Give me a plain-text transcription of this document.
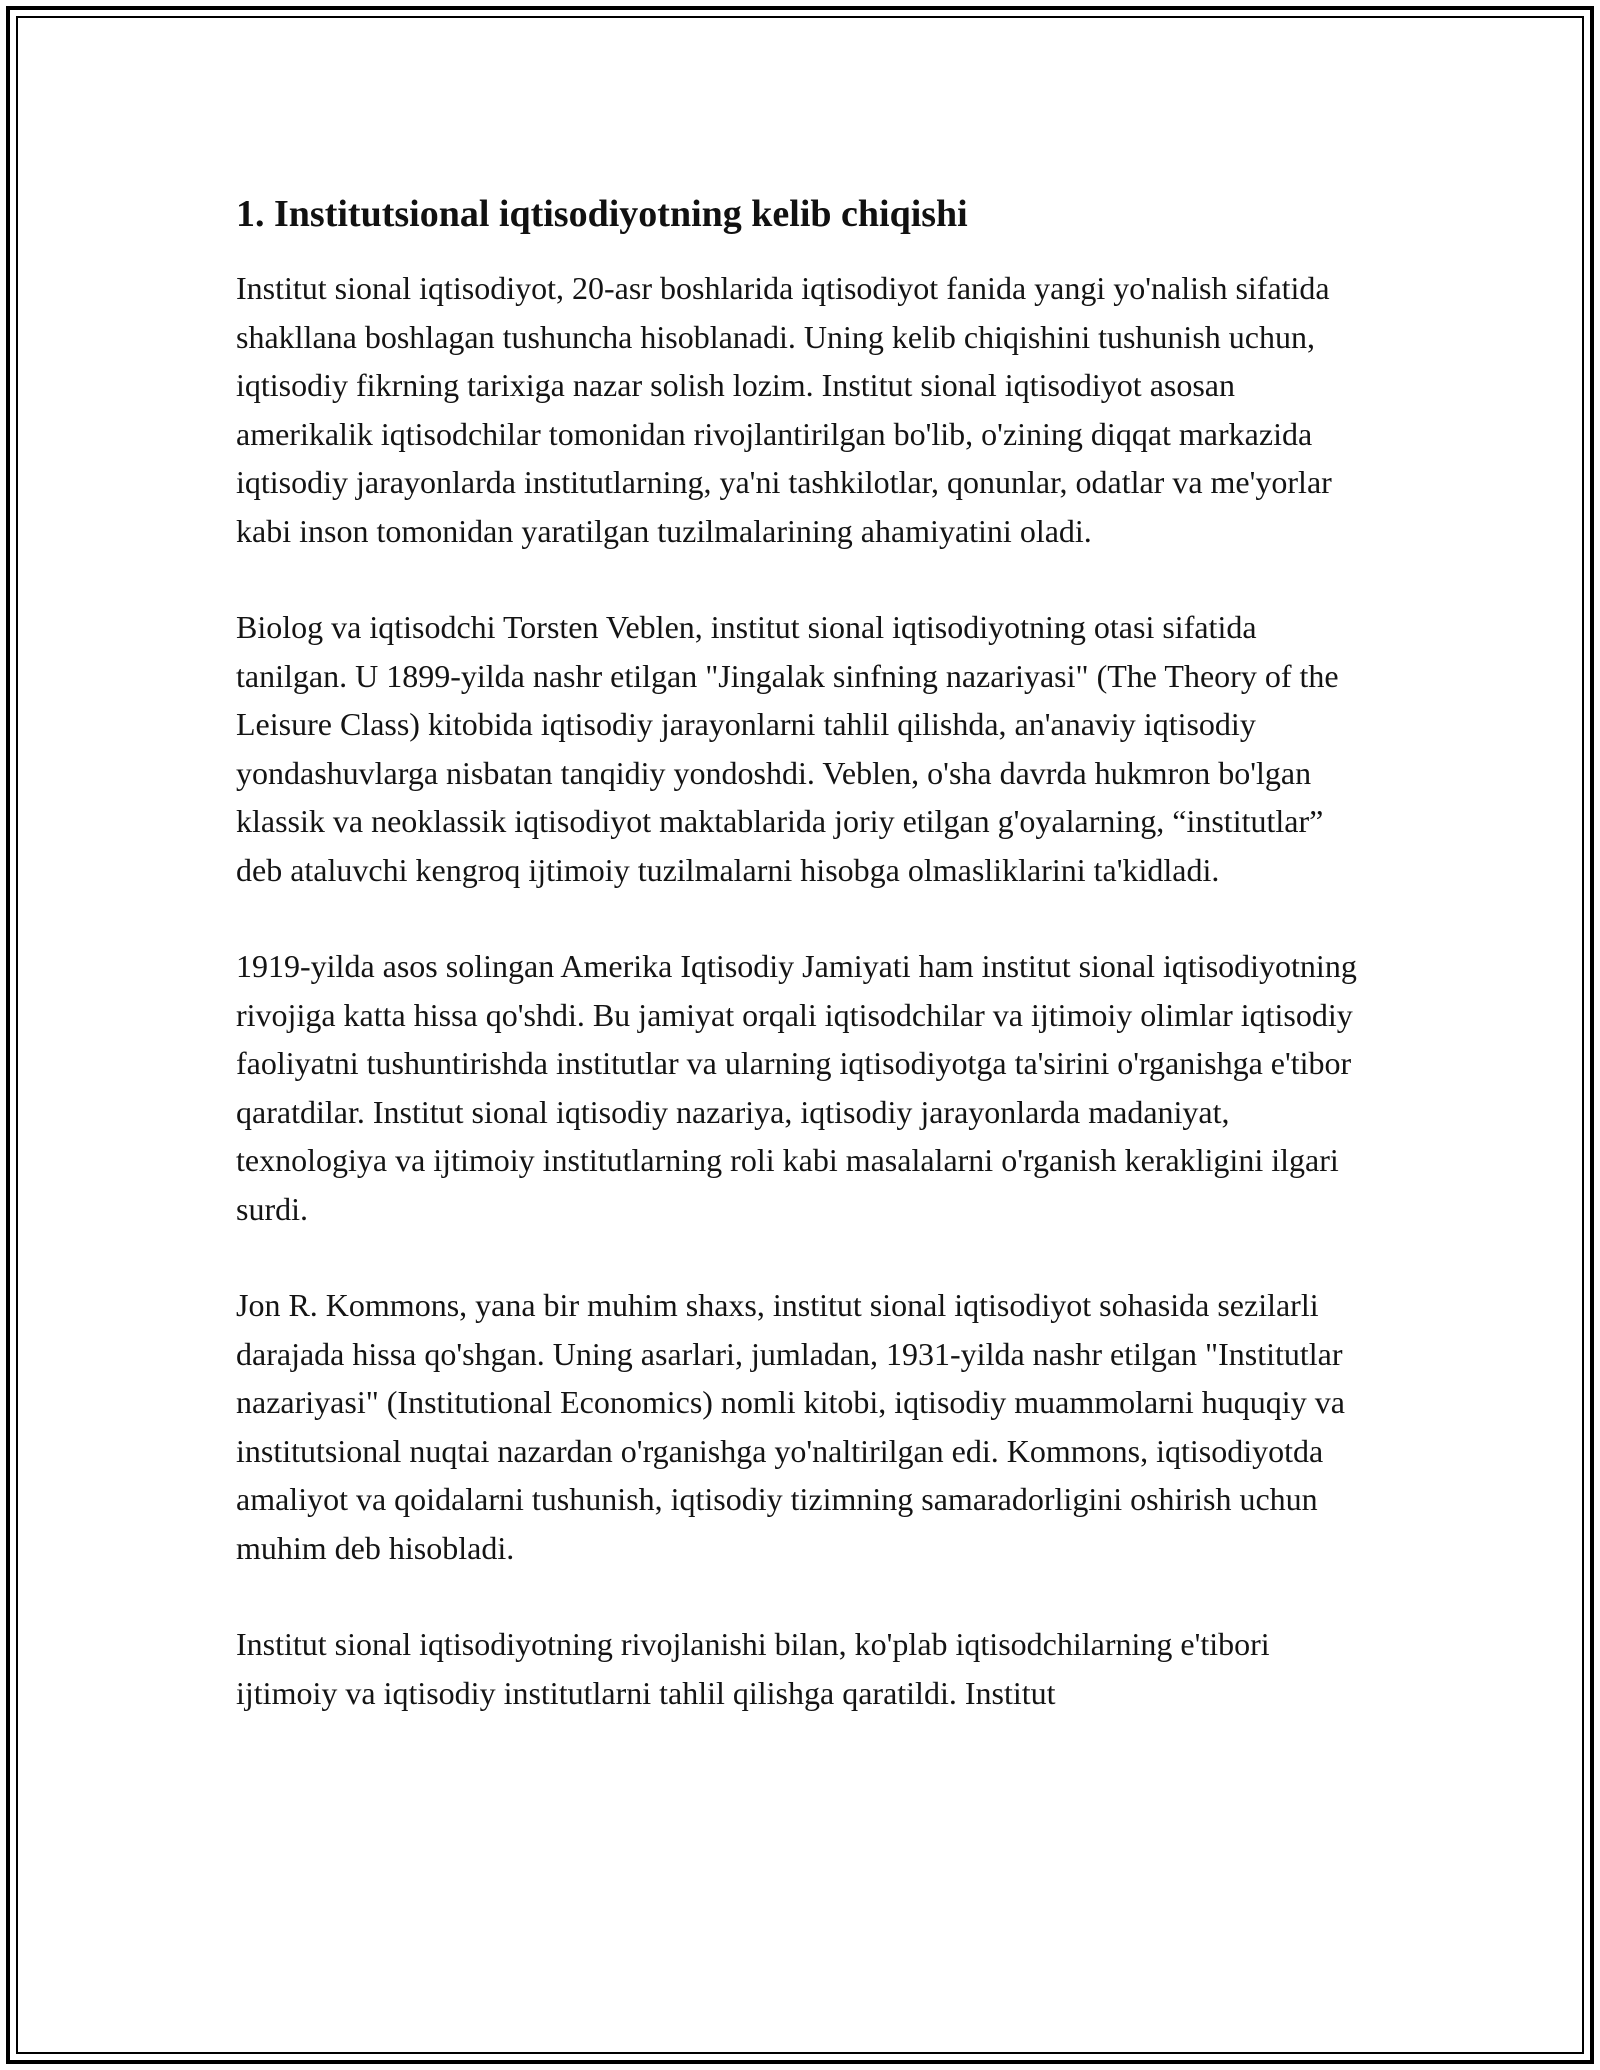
1. Institutsional iqtisodiyotning kelib chiqishi

Institut sional iqtisodiyot, 20-asr boshlarida iqtisodiyot fanida yangi yo'nalish sifatida shakllana boshlagan tushuncha hisoblanadi. Uning kelib chiqishini tushunish uchun, iqtisodiy fikrning tarixiga nazar solish lozim. Institut sional iqtisodiyot asosan amerikalik iqtisodchilar tomonidan rivojlantirilgan bo'lib, o'zining diqqat markazida iqtisodiy jarayonlarda institutlarning, ya'ni tashkilotlar, qonunlar, odatlar va me'yorlar kabi inson tomonidan yaratilgan tuzilmalarining ahamiyatini oladi.

Biolog va iqtisodchi Torsten Veblen, institut sional iqtisodiyotning otasi sifatida tanilgan. U 1899-yilda nashr etilgan "Jingalak sinfning nazariyasi" (The Theory of the Leisure Class) kitobida iqtisodiy jarayonlarni tahlil qilishda, an'anaviy iqtisodiy yondashuvlarga nisbatan tanqidiy yondoshdi. Veblen, o'sha davrda hukmron bo'lgan klassik va neoklassik iqtisodiyot maktablarida joriy etilgan g'oyalarning, “institutlar” deb ataluvchi kengroq ijtimoiy tuzilmalarni hisobga olmasliklarini ta'kidladi.

1919-yilda asos solingan Amerika Iqtisodiy Jamiyati ham institut sional iqtisodiyotning rivojiga katta hissa qo'shdi. Bu jamiyat orqali iqtisodchilar va ijtimoiy olimlar iqtisodiy faoliyatni tushuntirishda institutlar va ularning iqtisodiyotga ta'sirini o'rganishga e'tibor qaratdilar. Institut sional iqtisodiy nazariya, iqtisodiy jarayonlarda madaniyat, texnologiya va ijtimoiy institutlarning roli kabi masalalarni o'rganish kerakligini ilgari surdi.

Jon R. Kommons, yana bir muhim shaxs, institut sional iqtisodiyot sohasida sezilarli darajada hissa qo'shgan. Uning asarlari, jumladan, 1931-yilda nashr etilgan "Institutlar nazariyasi" (Institutional Economics) nomli kitobi, iqtisodiy muammolarni huquqiy va institutsional nuqtai nazardan o'rganishga yo'naltirilgan edi. Kommons, iqtisodiyotda amaliyot va qoidalarni tushunish, iqtisodiy tizimning samaradorligini oshirish uchun muhim deb hisobladi.

Institut sional iqtisodiyotning rivojlanishi bilan, ko'plab iqtisodchilarning e'tibori ijtimoiy va iqtisodiy institutlarni tahlil qilishga qaratildi. Institut
